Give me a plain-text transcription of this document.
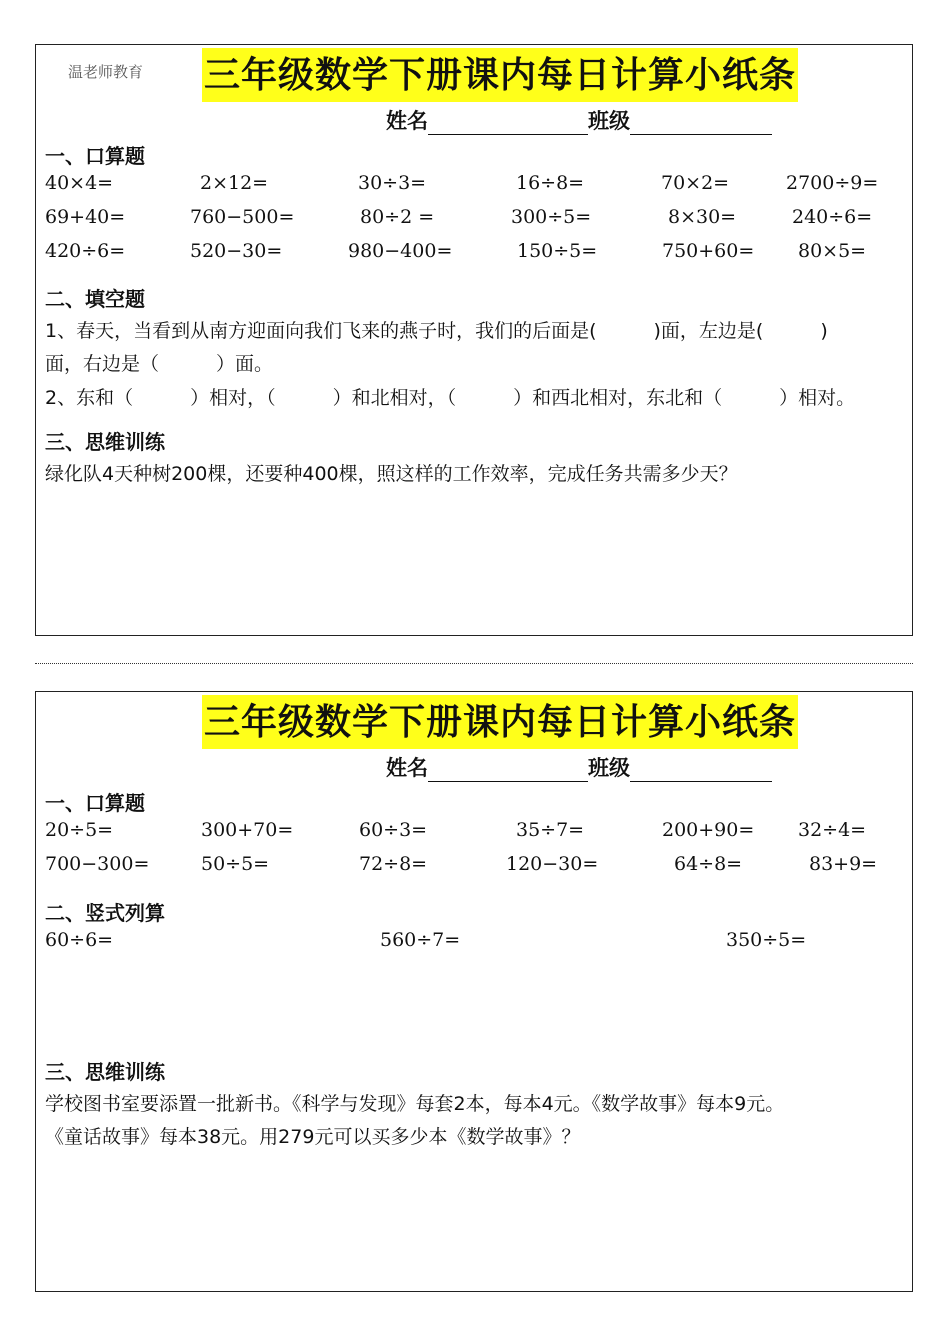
温老师教育 三年级数学下册课内每日计算小纸条
姓名	班级
一、口算题
40×4=	2×12=	30÷3=	16÷8=	70×2=	2700÷9=
69+40=	760−500=	80÷2 =	300÷5=	8×30=	240÷6=
420÷6=	520−30=	980−400=	150÷5=	750+60= 80×5=
二、填空题
1、春天，当看到从南方迎面向我们飞来的燕子时，我们的后面是(　　　)面，左边是(　　　)
面，右边是（　　　）面。
2、东和（　　　）相对，（　　　）和北相对，（　　　）和西北相对，东北和（　　　）相对。
三、思维训练
绿化队4天种树200棵，还要种400棵，照这样的工作效率，完成任务共需多少天？
三年级数学下册课内每日计算小纸条
姓名	班级
一、口算题
20÷5=	300+70=	60÷3=	35÷7=	200+90= 32÷4=
700−300=	50÷5=	72÷8=	120−30=	64÷8=	83+9=
二、竖式列算
60÷6=	560÷7=	350÷5=
三、思维训练
学校图书室要添置一批新书。《科学与发现》每套2本，每本4元。《数学故事》每本9元。
《童话故事》每本38元。用279元可以买多少本《数学故事》？
